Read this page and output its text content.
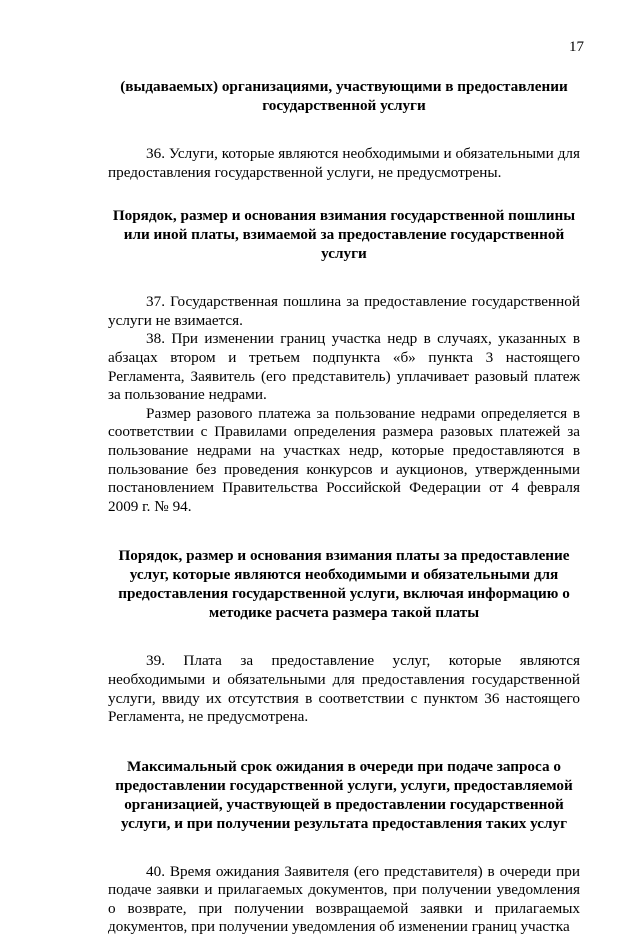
17

(выдаваемых) организациями, участвующими в предоставлении государственной услуги

36. Услуги, которые являются необходимыми и обязательными для предоставления государственной услуги, не предусмотрены.

Порядок, размер и основания взимания государственной пошлины или иной платы, взимаемой за предоставление государственной услуги

37. Государственная пошлина за предоставление государственной услуги не взимается.

38. При изменении границ участка недр в случаях, указанных в абзацах втором и третьем подпункта «б» пункта 3 настоящего Регламента, Заявитель (его представитель) уплачивает разовый платеж за пользование недрами.

Размер разового платежа за пользование недрами определяется в соответствии с Правилами определения размера разовых платежей за пользование недрами на участках недр, которые предоставляются в пользование без проведения конкурсов и аукционов, утвержденными постановлением Правительства Российской Федерации от 4 февраля 2009 г. № 94.

Порядок, размер и основания взимания платы за предоставление услуг, которые являются необходимыми и обязательными для предоставления государственной услуги, включая информацию о методике расчета размера такой платы

39. Плата за предоставление услуг, которые являются необходимыми и обязательными для предоставления государственной услуги, ввиду их отсутствия в соответствии с пунктом 36 настоящего Регламента, не предусмотрена.

Максимальный срок ожидания в очереди при подаче запроса о предоставлении государственной услуги, услуги, предоставляемой организацией, участвующей в предоставлении государственной услуги, и при получении результата предоставления таких услуг

40. Время ожидания Заявителя (его представителя) в очереди при подаче заявки и прилагаемых документов, при получении уведомления о возврате, при получении возвращаемой заявки и прилагаемых документов, при получении уведомления об изменении границ участка
